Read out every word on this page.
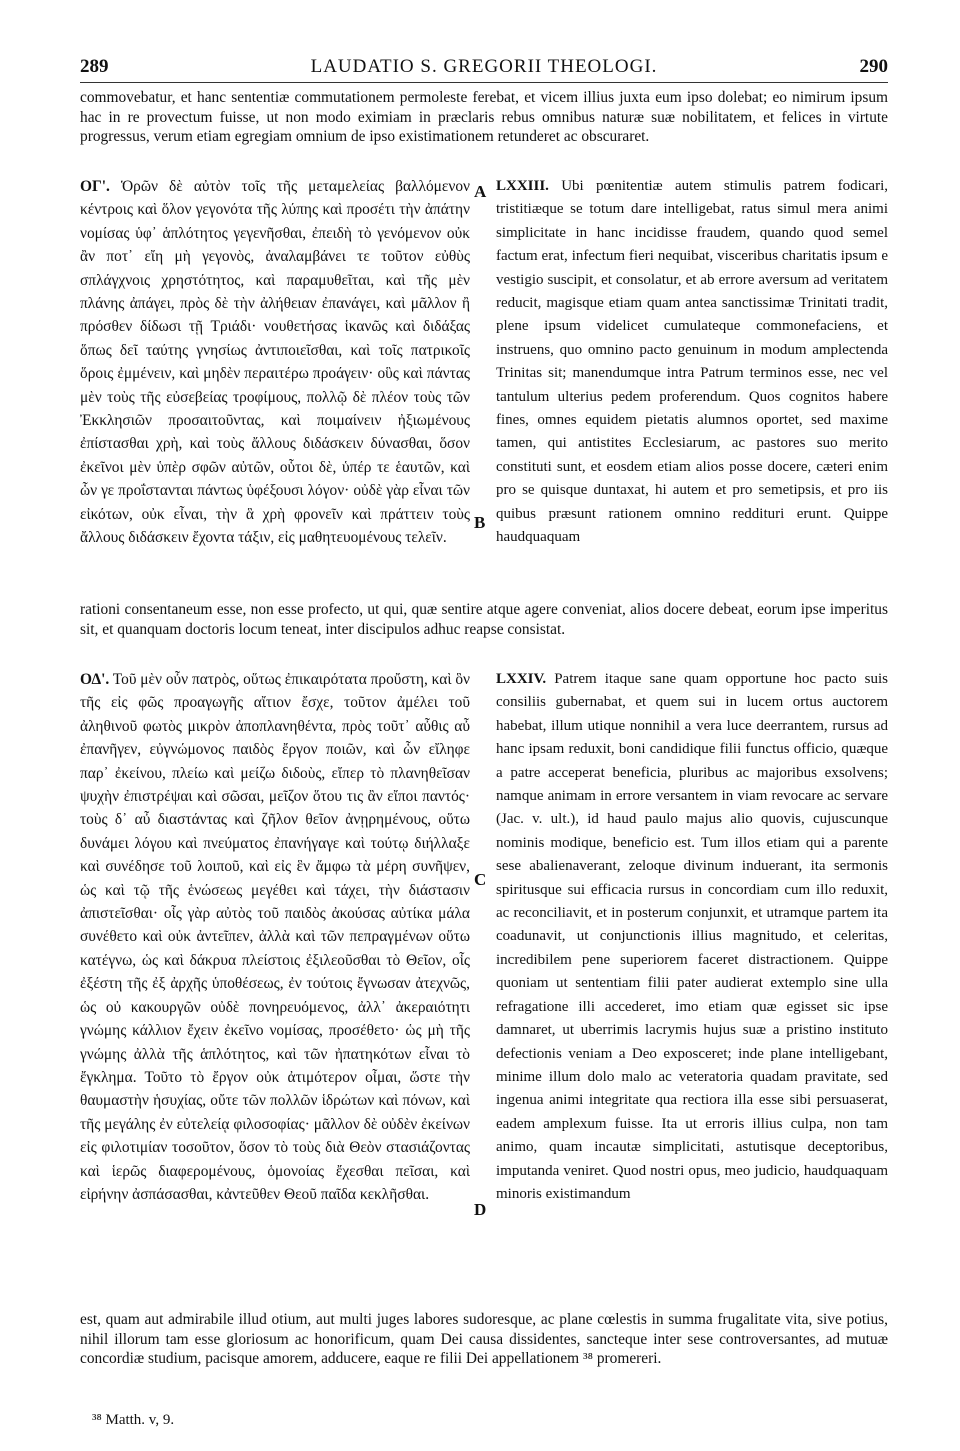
289	LAUDATIO S. GREGORII THEOLOGI.	290
commovebatur, et hanc sententiæ commutationem permoleste ferebat, et vicem illius juxta eum ipso dolebat; eo nimirum ipsum hac in re provectum fuisse, ut non modo eximiam in præclaris rebus omnibus naturæ suæ nobilitatem, et felices in virtute progressus, verum etiam egregiam omnium de ipso existimationem retunderet ac obscuraret.
ΟΓ'. Ὁρῶν δὲ αὐτὸν τοῖς τῆς μεταμελείας βαλλόμενον κέντροις καὶ ὅλον γεγονότα τῆς λύπης καὶ προσέτι τὴν ἀπάτην νομίσας ὑφ᾽ ἁπλότητος γεγενῆσθαι, ἐπειδὴ τὸ γενόμενον οὐκ ἂν ποτ᾽ εἴη μὴ γεγονὸς, ἀναλαμβάνει τε τοῦτον εὐθὺς σπλάγχνοις χρηστότητος, καὶ παραμυθεῖται, καὶ τῆς μὲν πλάνης ἀπάγει, πρὸς δὲ τὴν ἀλήθειαν ἐπανάγει, καὶ μᾶλλον ἢ πρόσθεν δίδωσι τῇ Τριάδι· νουθετήσας ἱκανῶς καὶ διδάξας ὅπως δεῖ ταύτης γνησίως ἀντιποιεῖσθαι, καὶ τοῖς πατρικοῖς ὅροις ἐμμένειν, καὶ μηδὲν περαιτέρω προάγειν· οὓς καὶ πάντας μὲν τοὺς τῆς εὐσεβείας τροφίμους, πολλῷ δὲ πλέον τοὺς τῶν Ἐκκλησιῶν προσαιτοῦντας, καὶ ποιμαίνειν ἠξιωμένους ἐπίστασθαι χρὴ, καὶ τοὺς ἄλλους διδάσκειν δύνασθαι, ὅσον ἐκεῖνοι μὲν ὑπὲρ σφῶν αὐτῶν, οὗτοι δὲ, ὑπέρ τε ἑαυτῶν, καὶ ὧν γε προΐστανται πάντως ὑφέξουσι λόγον· οὐδὲ γὰρ εἶναι τῶν εἰκότων, οὐκ εἶναι, τὴν ἃ χρὴ φρονεῖν καὶ πράττειν τοὺς ἄλλους διδάσκειν ἔχοντα τάξιν, εἰς μαθητευομένους τελεῖν.
LXXIII. Ubi pœnitentiæ autem stimulis patrem fodicari, tristitiæque se totum dare intelligebat, ratus simul mera animi simplicitate in hanc incidisse fraudem, quando quod semel factum erat, infectum fieri nequibat, visceribus charitatis ipsum e vestigio suscipit, et consolatur, et ab errore aversum ad veritatem reducit, magisque etiam quam antea sanctissimæ Trinitati tradit, plene ipsum videlicet cumulateque commonefaciens, et instruens, quo omnino pacto genuinum in modum amplectenda Trinitas sit; manendumque intra Patrum terminos esse, nec vel tantulum ulterius pedem proferendum. Quos cognitos habere fines, omnes equidem pietatis alumnos oportet, sed maxime tamen, qui antistites Ecclesiarum, ac pastores suo merito constituti sunt, et eosdem etiam alios posse docere, cæteri enim pro se quisque duntaxat, hi autem et pro semetipsis, et pro iis quibus præsunt rationem omnino reddituri erunt. Quippe haudquaquam
rationi consentaneum esse, non esse profecto, ut qui, quæ sentire atque agere conveniat, alios docere debeat, eorum ipse imperitus sit, et quanquam doctoris locum teneat, inter discipulos adhuc reapse consistat.
ΟΔ'. Τοῦ μὲν οὖν πατρὸς, οὕτως ἐπικαιρότατα προὔστη, καὶ ὃν τῆς εἰς φῶς προαγωγῆς αἴτιον ἔσχε, τοῦτον ἀμέλει τοῦ ἀληθινοῦ φωτὸς μικρὸν ἀποπλανηθέντα, πρὸς τοῦτ᾽ αὖθις αὖ ἐπανῆγεν, εὐγνώμονος παιδὸς ἔργον ποιῶν, καὶ ὧν εἴληφε παρ᾽ ἐκείνου, πλείω καὶ μείζω διδοὺς, εἴπερ τὸ πλανηθεῖσαν ψυχὴν ἐπιστρέψαι καὶ σῶσαι, μεῖζον ὅτου τις ἂν εἴποι παντός· τοὺς δ᾽ αὖ διαστάντας καὶ ζῆλον θεῖον ἀνῃρημένους, οὕτω δυνάμει λόγου καὶ πνεύματος ἐπανήγαγε καὶ τούτῳ διήλλαξε καὶ συνέδησε τοῦ λοιποῦ, καὶ εἰς ἓν ἄμφω τὰ μέρη συνῆψεν, ὡς καὶ τῷ τῆς ἑνώσεως μεγέθει καὶ τάχει, τὴν διάστασιν ἀπιστεῖσθαι· οἷς γὰρ αὐτὸς τοῦ παιδὸς ἀκούσας αὐτίκα μάλα συνέθετο καὶ οὐκ ἀντεῖπεν, ἀλλὰ καὶ τῶν πεπραγμένων οὕτω κατέγνω, ὡς καὶ δάκρυα πλείστοις ἐξιλεοῦσθαι τὸ Θεῖον, οἷς ἐξέστη τῆς ἐξ ἀρχῆς ὑποθέσεως, ἐν τούτοις ἔγνωσαν ἀτεχνῶς, ὡς οὐ κακουργῶν οὐδὲ πονηρευόμενος, ἀλλ᾽ ἀκεραιότητι γνώμης κάλλιον ἔχειν ἐκεῖνο νομίσας, προσέθετο· ὡς μὴ τῆς γνώμης ἀλλὰ τῆς ἁπλότητος, καὶ τῶν ἠπατηκότων εἶναι τὸ ἔγκλημα. Τοῦτο τὸ ἔργον οὐκ ἀτιμότερον οἶμαι, ὥστε τὴν θαυμαστὴν ἡσυχίας, οὔτε τῶν πολλῶν ἱδρώτων καὶ πόνων, καὶ τῆς μεγάλης ἐν εὐτελείᾳ φιλοσοφίας· μᾶλλον δὲ οὐδὲν ἐκείνων εἰς φιλοτιμίαν τοσοῦτον, ὅσον τὸ τοὺς διὰ Θεὸν στασιάζοντας καὶ ἱερῶς διαφερομένους, ὁμονοίας ἔχεσθαι πεῖσαι, καὶ εἰρήνην ἀσπάσασθαι, κἀντεῦθεν Θεοῦ παῖδα κεκλῆσθαι.
LXXIV. Patrem itaque sane quam opportune hoc pacto suis consiliis gubernabat, et quem sui in lucem ortus auctorem habebat, illum utique nonnihil a vera luce deerrantem, rursus ad hanc ipsam reduxit, boni candidique filii functus officio, quæque a patre acceperat beneficia, pluribus ac majoribus exsolvens; namque animam in errore versantem in viam revocare ac servare (Jac. v. ult.), id haud paulo majus alio quovis, cujuscunque nominis modique, beneficio est. Tum illos etiam qui a parente sese abalienaverant, zeloque divinum induerant, ita sermonis spiritusque sui efficacia rursus in concordiam cum illo reduxit, ac reconciliavit, et in posterum conjunxit, et utramque partem ita coadunavit, ut conjunctionis illius magnitudo, et celeritas, incredibilem pene superiorem faceret distractionem. Quippe quoniam ut sententiam filii pater audierat extemplo sine ulla refragatione illi accederet, imo etiam quæ egisset sic ipse damnaret, ut uberrimis lacrymis hujus suæ a pristino instituto defectionis veniam a Deo exposceret; inde plane intelligebant, minime illum dolo malo ac veteratoria quadam pravitate, sed ingenua animi integritate qua rectiora illa esse sibi persuaserat, eadem amplexum fuisse. Ita ut erroris illius culpa, non tam animo, quam incautæ simplicitati, astutisque deceptoribus, imputanda veniret. Quod nostri opus, meo judicio, haudquaquam minoris existimandum
est, quam aut admirabile illud otium, aut multi juges labores sudoresque, ac plane cœlestis in summa frugalitate vita, sive potius, nihil illorum tam esse gloriosum ac honorificum, quam Dei causa dissidentes, sancteque inter sese controversantes, ad mutuæ concordiæ studium, pacisque amorem, adducere, eaque re filii Dei appellationem ³⁸ promereri.
A
B
C
D
³⁸ Matth. v, 9.
